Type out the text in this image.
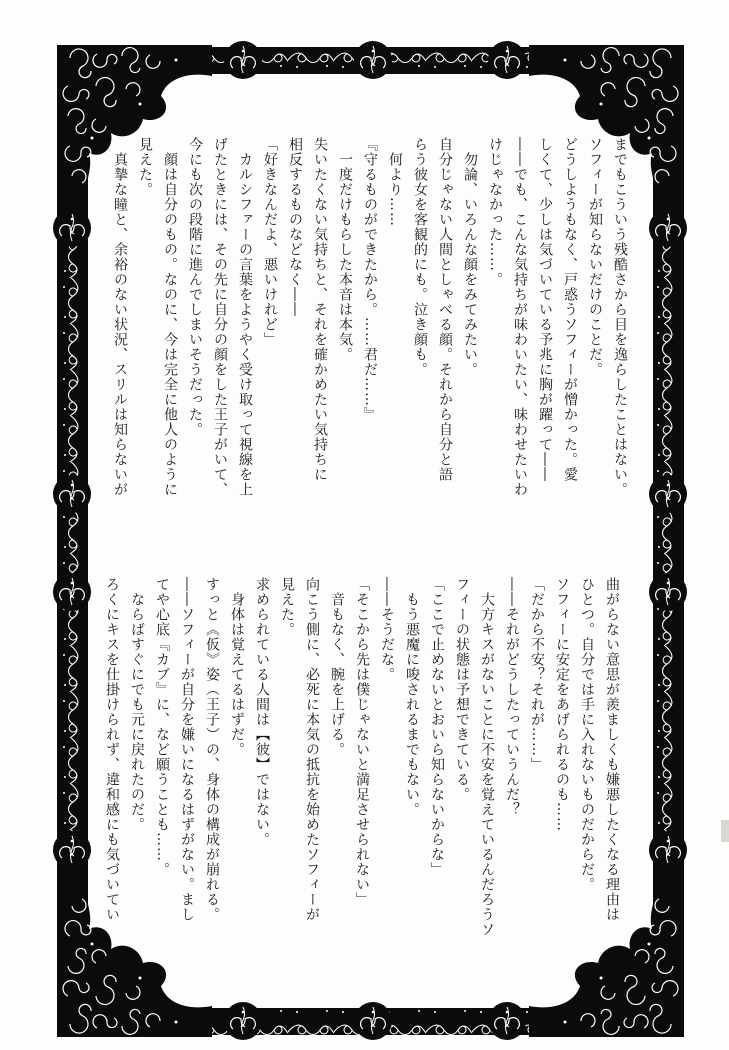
までもこういう残酷さから目を逸らしたことはない。
ソフィーが知らないだけのことだ。
どうしようもなく、戸惑うソフィーが憎かった。愛
しくて、少しは気づいている予兆に胸が躍って――
――でも、こんな気持ちが味わいたい、味わせたいわ
けじゃなかった……。
　勿論、いろんな顔をみてみたい。
自分じゃない人間としゃべる顔。それから自分と語
らう彼女を客観的にも。泣き顔も。
　何より……
『守るものができたから。……君だ……』
　一度だけもらした本音は本気。
失いたくない気持ちと、それを確かめたい気持ちに
相反するものなどなく――
「好きなんだよ、悪いけれど」
　カルシファーの言葉をようやく受け取って視線を上
げたときには、その先に自分の顔をした王子がいて、
今にも次の段階に進んでしまいそうだった。
　顔は自分のもの。なのに、今は完全に他人のように
見えた。
　真摯な瞳と、余裕のない状況、スリルは知らないが
曲がらない意思が羨ましくも嫌悪したくなる理由は
ひとつ。自分では手に入れないものだからだ。
ソフィーに安定をあげられるのも……
「だから不安？それが……」
――それがどうしたっていうんだ？
　大方キスがないことに不安を覚えているんだろうソ
フィーの状態は予想できている。
「ここで止めないとおいら知らないからな」
　もう悪魔に唆されるまでもない。
――そうだな。
「そこから先は僕じゃないと満足させられない」
　音もなく、腕を上げる。
向こう側に、必死に本気の抵抗を始めたソフィーが
見えた。
求められている人間は【彼】ではない。
　身体は覚えてるはずだ。
すっと《仮》姿（王子）の、身体の構成が崩れる。
――ソフィーが自分を嫌いになるはずがない。まし
てや心底『カブ』に、など願うことも……。
　ならばすぐにでも元に戻れたのだ。
ろくにキスを仕掛けられず、違和感にも気づいてい
